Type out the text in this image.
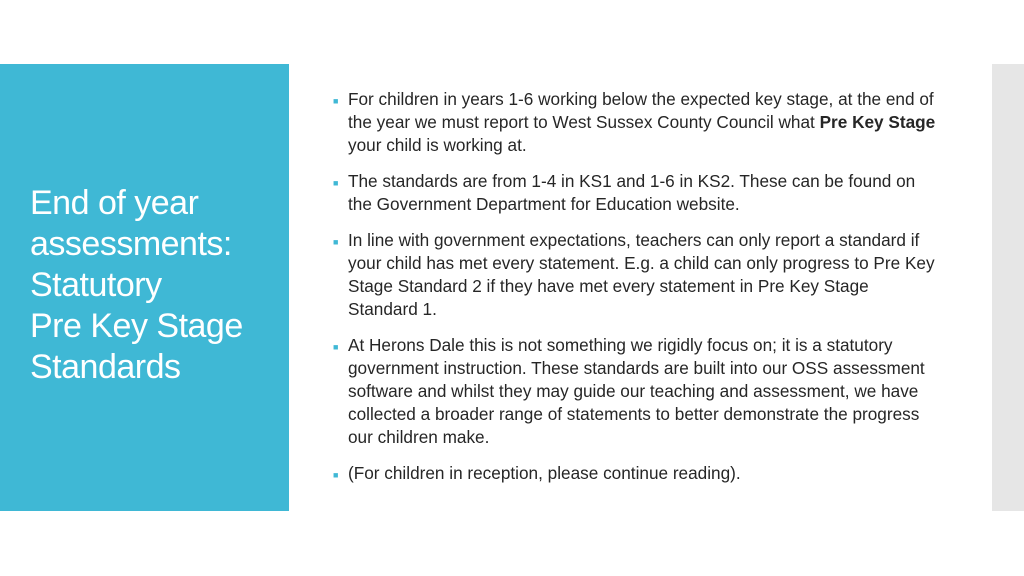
End of year
assessments:
Statutory
Pre Key Stage
Standards
■ For children in years 1-6 working below the expected key stage, at the end of the year we must report to West Sussex County Council what Pre Key Stage your child is working at.
■ The standards are from 1-4 in KS1 and 1-6 in KS2. These can be found on the Government Department for Education website.
■ In line with government expectations, teachers can only report a standard if your child has met every statement. E.g. a child can only progress to Pre Key Stage Standard 2 if they have met every statement in Pre Key Stage Standard 1.
■ At Herons Dale this is not something we rigidly focus on; it is a statutory government instruction. These standards are built into our OSS assessment software and whilst they may guide our teaching and assessment, we have collected a broader range of statements to better demonstrate the progress our children make.
■ (For children in reception, please continue reading).
